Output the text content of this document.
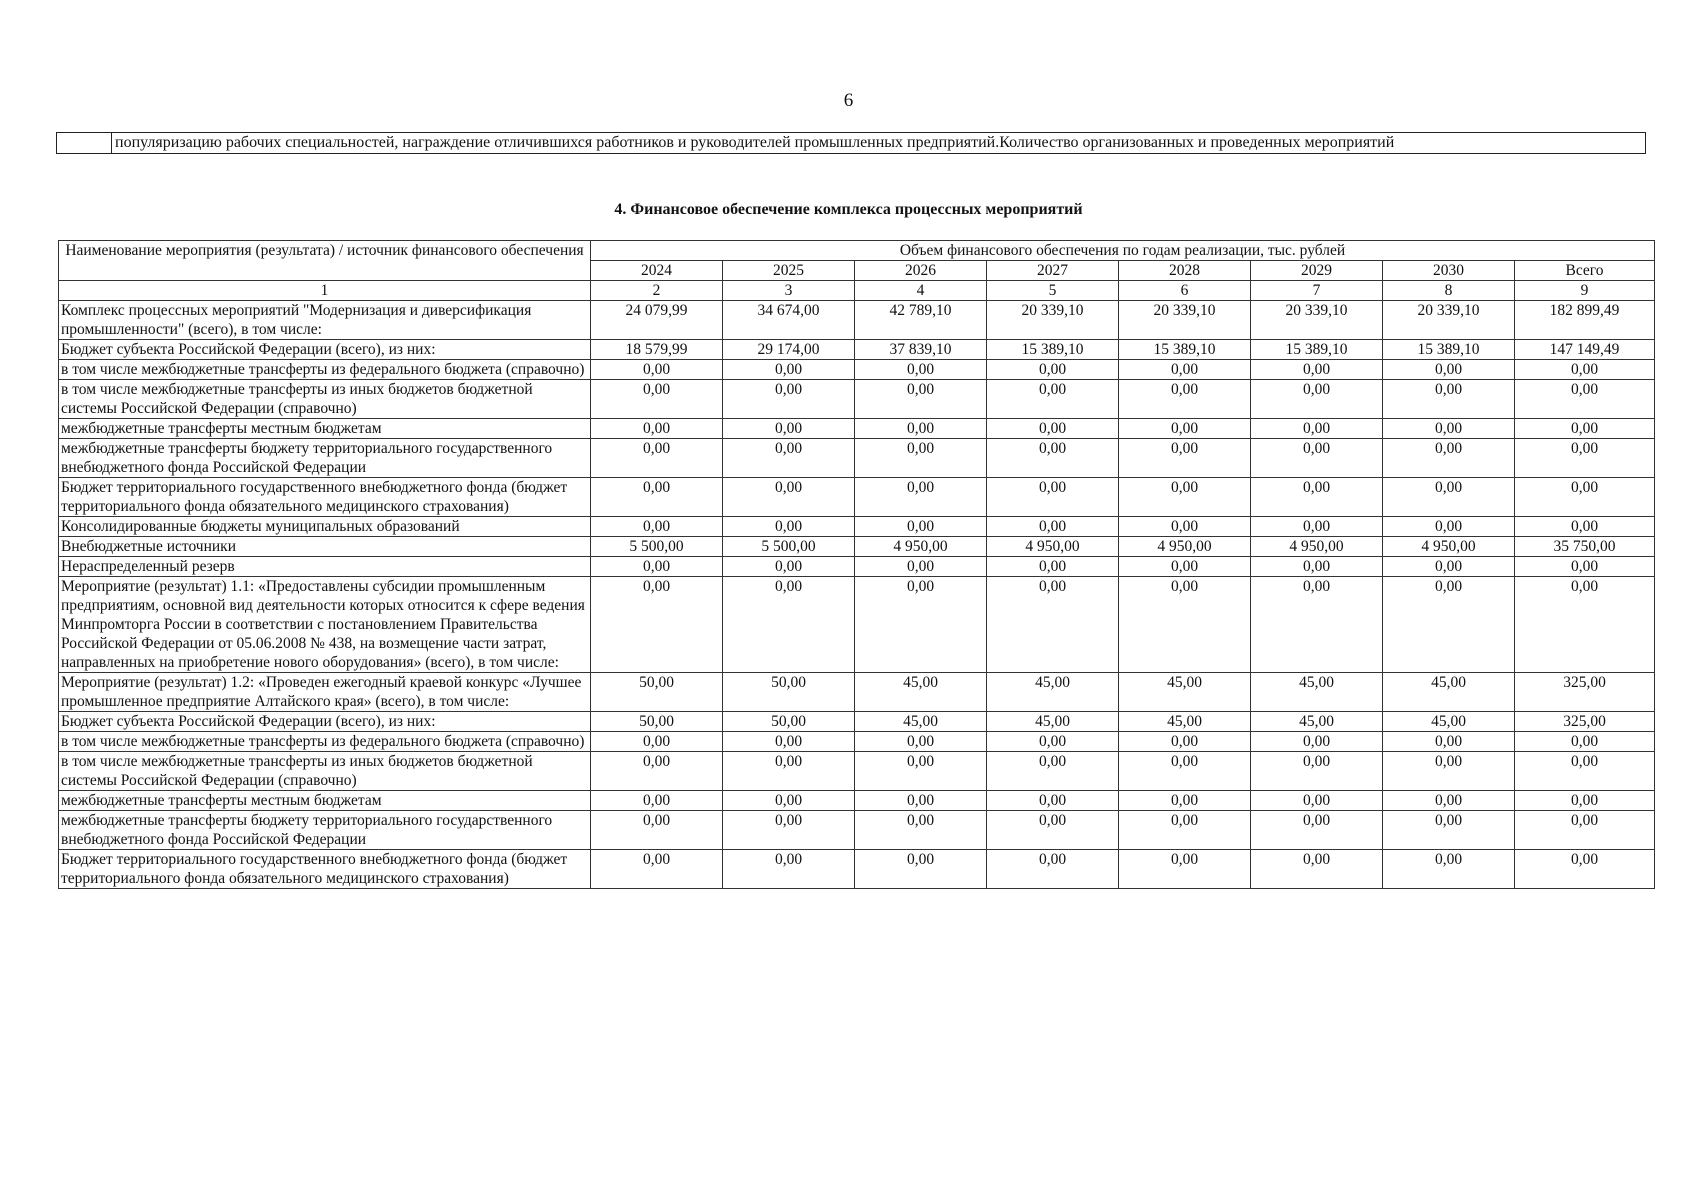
6
популяризацию рабочих специальностей, награждение отличившихся работников и руководителей промышленных предприятий.Количество организованных и проведенных мероприятий
4. Финансовое обеспечение комплекса процессных мероприятий
Наименование мероприятия (результата) / источник финансового обеспечения	Объем финансового обеспечения по годам реализации, тыс. рублей							
	2024	2025	2026	2027	2028	2029	2030	Всего
1	2	3	4	5	6	7	8	9
Комплекс процессных мероприятий "Модернизация и диверсификация промышленности" (всего), в том числе:	24 079,99	34 674,00	42 789,10	20 339,10	20 339,10	20 339,10	20 339,10	182 899,49
Бюджет субъекта Российской Федерации (всего), из них:	18 579,99	29 174,00	37 839,10	15 389,10	15 389,10	15 389,10	15 389,10	147 149,49
в том числе межбюджетные трансферты из федерального бюджета (справочно)	0,00	0,00	0,00	0,00	0,00	0,00	0,00	0,00
в том числе межбюджетные трансферты из иных бюджетов бюджетной системы Российской Федерации (справочно)	0,00	0,00	0,00	0,00	0,00	0,00	0,00	0,00
межбюджетные трансферты местным бюджетам	0,00	0,00	0,00	0,00	0,00	0,00	0,00	0,00
межбюджетные трансферты бюджету территориального государственного внебюджетного фонда Российской Федерации	0,00	0,00	0,00	0,00	0,00	0,00	0,00	0,00
Бюджет территориального государственного внебюджетного фонда (бюджет территориального фонда обязательного медицинского страхования)	0,00	0,00	0,00	0,00	0,00	0,00	0,00	0,00
Консолидированные бюджеты муниципальных образований	0,00	0,00	0,00	0,00	0,00	0,00	0,00	0,00
Внебюджетные источники	5 500,00	5 500,00	4 950,00	4 950,00	4 950,00	4 950,00	4 950,00	35 750,00
Нераспределенный резерв	0,00	0,00	0,00	0,00	0,00	0,00	0,00	0,00
Мероприятие (результат) 1.1: «Предоставлены субсидии промышленным предприятиям, основной вид деятельности которых относится к сфере ведения Минпромторга России в соответствии с постановлением Правительства Российской Федерации от 05.06.2008 № 438, на возмещение части затрат, направленных на приобретение нового оборудования» (всего), в том числе:	0,00	0,00	0,00	0,00	0,00	0,00	0,00	0,00
Мероприятие (результат) 1.2: «Проведен ежегодный краевой конкурс «Лучшее промышленное предприятие Алтайского края» (всего), в том числе:	50,00	50,00	45,00	45,00	45,00	45,00	45,00	325,00
Бюджет субъекта Российской Федерации (всего), из них:	50,00	50,00	45,00	45,00	45,00	45,00	45,00	325,00
в том числе межбюджетные трансферты из федерального бюджета (справочно)	0,00	0,00	0,00	0,00	0,00	0,00	0,00	0,00
в том числе межбюджетные трансферты из иных бюджетов бюджетной системы Российской Федерации (справочно)	0,00	0,00	0,00	0,00	0,00	0,00	0,00	0,00
межбюджетные трансферты местным бюджетам	0,00	0,00	0,00	0,00	0,00	0,00	0,00	0,00
межбюджетные трансферты бюджету территориального государственного внебюджетного фонда Российской Федерации	0,00	0,00	0,00	0,00	0,00	0,00	0,00	0,00
Бюджет территориального государственного внебюджетного фонда (бюджет территориального фонда обязательного медицинского страхования)	0,00	0,00	0,00	0,00	0,00	0,00	0,00	0,00
